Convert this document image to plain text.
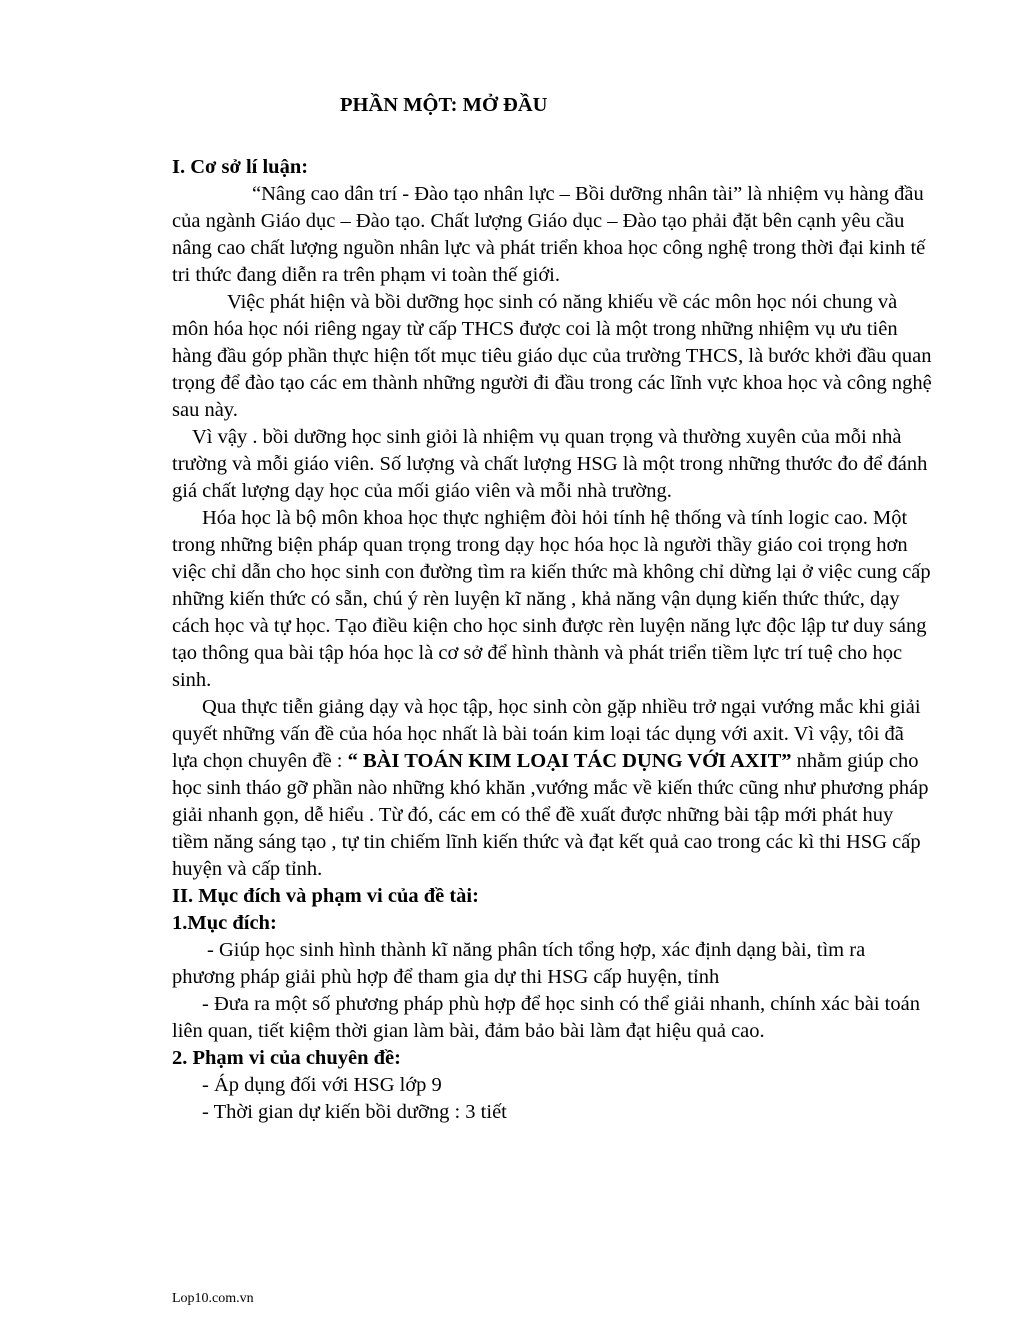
PHẦN MỘT: MỞ ĐẦU

I. Cơ sở lí luận:

“Nâng cao dân trí - Đào tạo nhân lực – Bồi dưỡng nhân tài” là nhiệm vụ hàng đầu của ngành Giáo dục – Đào tạo. Chất lượng Giáo dục – Đào tạo phải đặt bên cạnh yêu cầu nâng cao chất lượng nguồn nhân lực và phát triển khoa học công nghệ trong thời đại kinh tế tri thức đang diễn ra trên phạm vi toàn thế giới.

Việc phát hiện và bồi dưỡng học sinh có năng khiếu về các môn học nói chung và môn hóa học nói riêng ngay từ cấp THCS được coi là một trong những nhiệm vụ ưu tiên hàng đầu góp phần thực hiện tốt mục tiêu giáo dục của trường THCS, là bước khởi đầu quan trọng để đào tạo các em thành những người đi đầu trong các lĩnh vực khoa học và công nghệ sau này.

Vì vậy . bồi dưỡng học sinh giỏi là nhiệm vụ quan trọng và thường xuyên của mỗi nhà trường và mỗi giáo viên. Số lượng và chất lượng HSG là một trong những thước đo để đánh giá chất lượng dạy học của mối giáo viên và mỗi nhà trường.

Hóa học là bộ môn khoa học thực nghiệm đòi hỏi tính hệ thống và tính logic cao. Một trong những biện pháp quan trọng trong dạy học hóa học là người thầy giáo coi trọng hơn việc chỉ dẫn cho học sinh con đường tìm ra kiến thức mà không chỉ dừng lại ở việc cung cấp những kiến thức có sẵn, chú ý rèn luyện kĩ năng , khả năng vận dụng kiến thức thức, dạy cách học và tự học. Tạo điều kiện cho học sinh được rèn luyện năng lực độc lập tư duy sáng tạo thông qua bài tập hóa học là cơ sở để hình thành và phát triển tiềm lực trí tuệ cho học sinh.

Qua thực tiễn giảng dạy và học tập, học sinh còn gặp nhiều trở ngại vướng mắc khi giải quyết những vấn đề của hóa học nhất là bài toán kim loại tác dụng với axit. Vì vậy, tôi đã lựa chọn chuyên đề : “ BÀI TOÁN KIM LOẠI TÁC DỤNG VỚI AXIT” nhằm giúp cho học sinh tháo gỡ phần nào những khó khăn ,vướng mắc về kiến thức cũng như phương pháp giải nhanh gọn, dễ hiểu . Từ đó, các em có thể đề xuất được những bài tập mới phát huy tiềm năng sáng tạo , tự tin chiếm lĩnh kiến thức và đạt kết quả cao trong các kì thi HSG cấp huyện và cấp tỉnh.

II. Mục đích và phạm vi của đề tài:

1.Mục đích:

- Giúp học sinh hình thành kĩ năng phân tích tổng hợp, xác định dạng bài, tìm ra phương pháp giải phù hợp để tham gia dự thi HSG cấp huyện, tỉnh

- Đưa ra một số phương pháp phù hợp để học sinh có thể giải nhanh, chính xác bài toán liên quan, tiết kiệm thời gian làm bài, đảm bảo bài làm đạt hiệu quả cao.

2. Phạm vi của chuyên đề:

- Áp dụng đối với HSG lớp 9

- Thời gian dự kiến bồi dưỡng : 3 tiết

Lop10.com.vn
